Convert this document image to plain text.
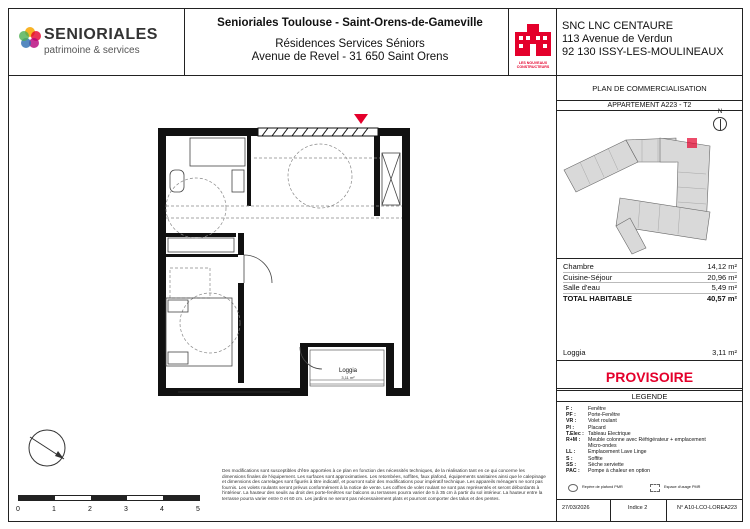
SENIORIALES
patrimoine & services
Senioriales Toulouse - Saint-Orens-de-Gameville
Résidences Services Séniors
Avenue de Revel - 31 650 Saint Orens	LES NOUVEAUX CONSTRUCTEURS
SNC LNC CENTAURE
113 Avenue de Verdun
92 130 ISSY-LES-MOULINEAUX
PLAN DE COMMERCIALISATION
APPARTEMENT A223 - T2
N
Chambre	14,12 m²
Cuisine-Séjour	20,96 m²
Salle d'eau	5,49 m²
TOTAL HABITABLE	40,57 m²
Loggia	3,11 m²
PROVISOIRE
LEGENDE
F :	Fenêtre
PF :	Porte-Fenêtre
VR :	Volet roulant
Pl :	Placard
T.Elec : Tableau Electrique
R+M :	Meuble colonne avec Réfrigérateur + emplacement Micro-ondes
LL :	Emplacement Lave Linge
S :	Soffite
SS :	Sèche serviette
PAC :	Pompe à chaleur en option
Repère de plafond PMR	Espace d'usage PMR
27/03/2026	Indice 2	N° A10-LCO-LOREA223
Des modifications sont susceptibles d'être apportées à ce plan en fonction des nécessités techniques, de la réalisation tant en ce qui concerne les dimensions finales de l'équipement. Les surfaces sont approximatives. Les retombées, soffites, faux plafond, équipements sanitaires ainsi que le calepinage et dimensions des carrelages sont figurés à titre indicatif, et pourront subir des modifications pour impératif technique. Les appareils ménagers ne sont pas fournis. Les volets roulants seront prévus conformément à la notice de vente. Les coffres de volet roulant ne sont pas représentés et seront débordants à l'intérieur. La hauteur des seuils au droit des porte-fenêtres sur balcons ou terrasses pourra varier de 5 à 35 cm à partir du sol intérieur. La hauteur entre la terrasse pourra varier entre 0 et 60 cm. Les jardins ne seront pas nécessairement plats et pourront comporter des talus et des pentes.
0	1	2	3	4	5
Loggia
3,11 m²
